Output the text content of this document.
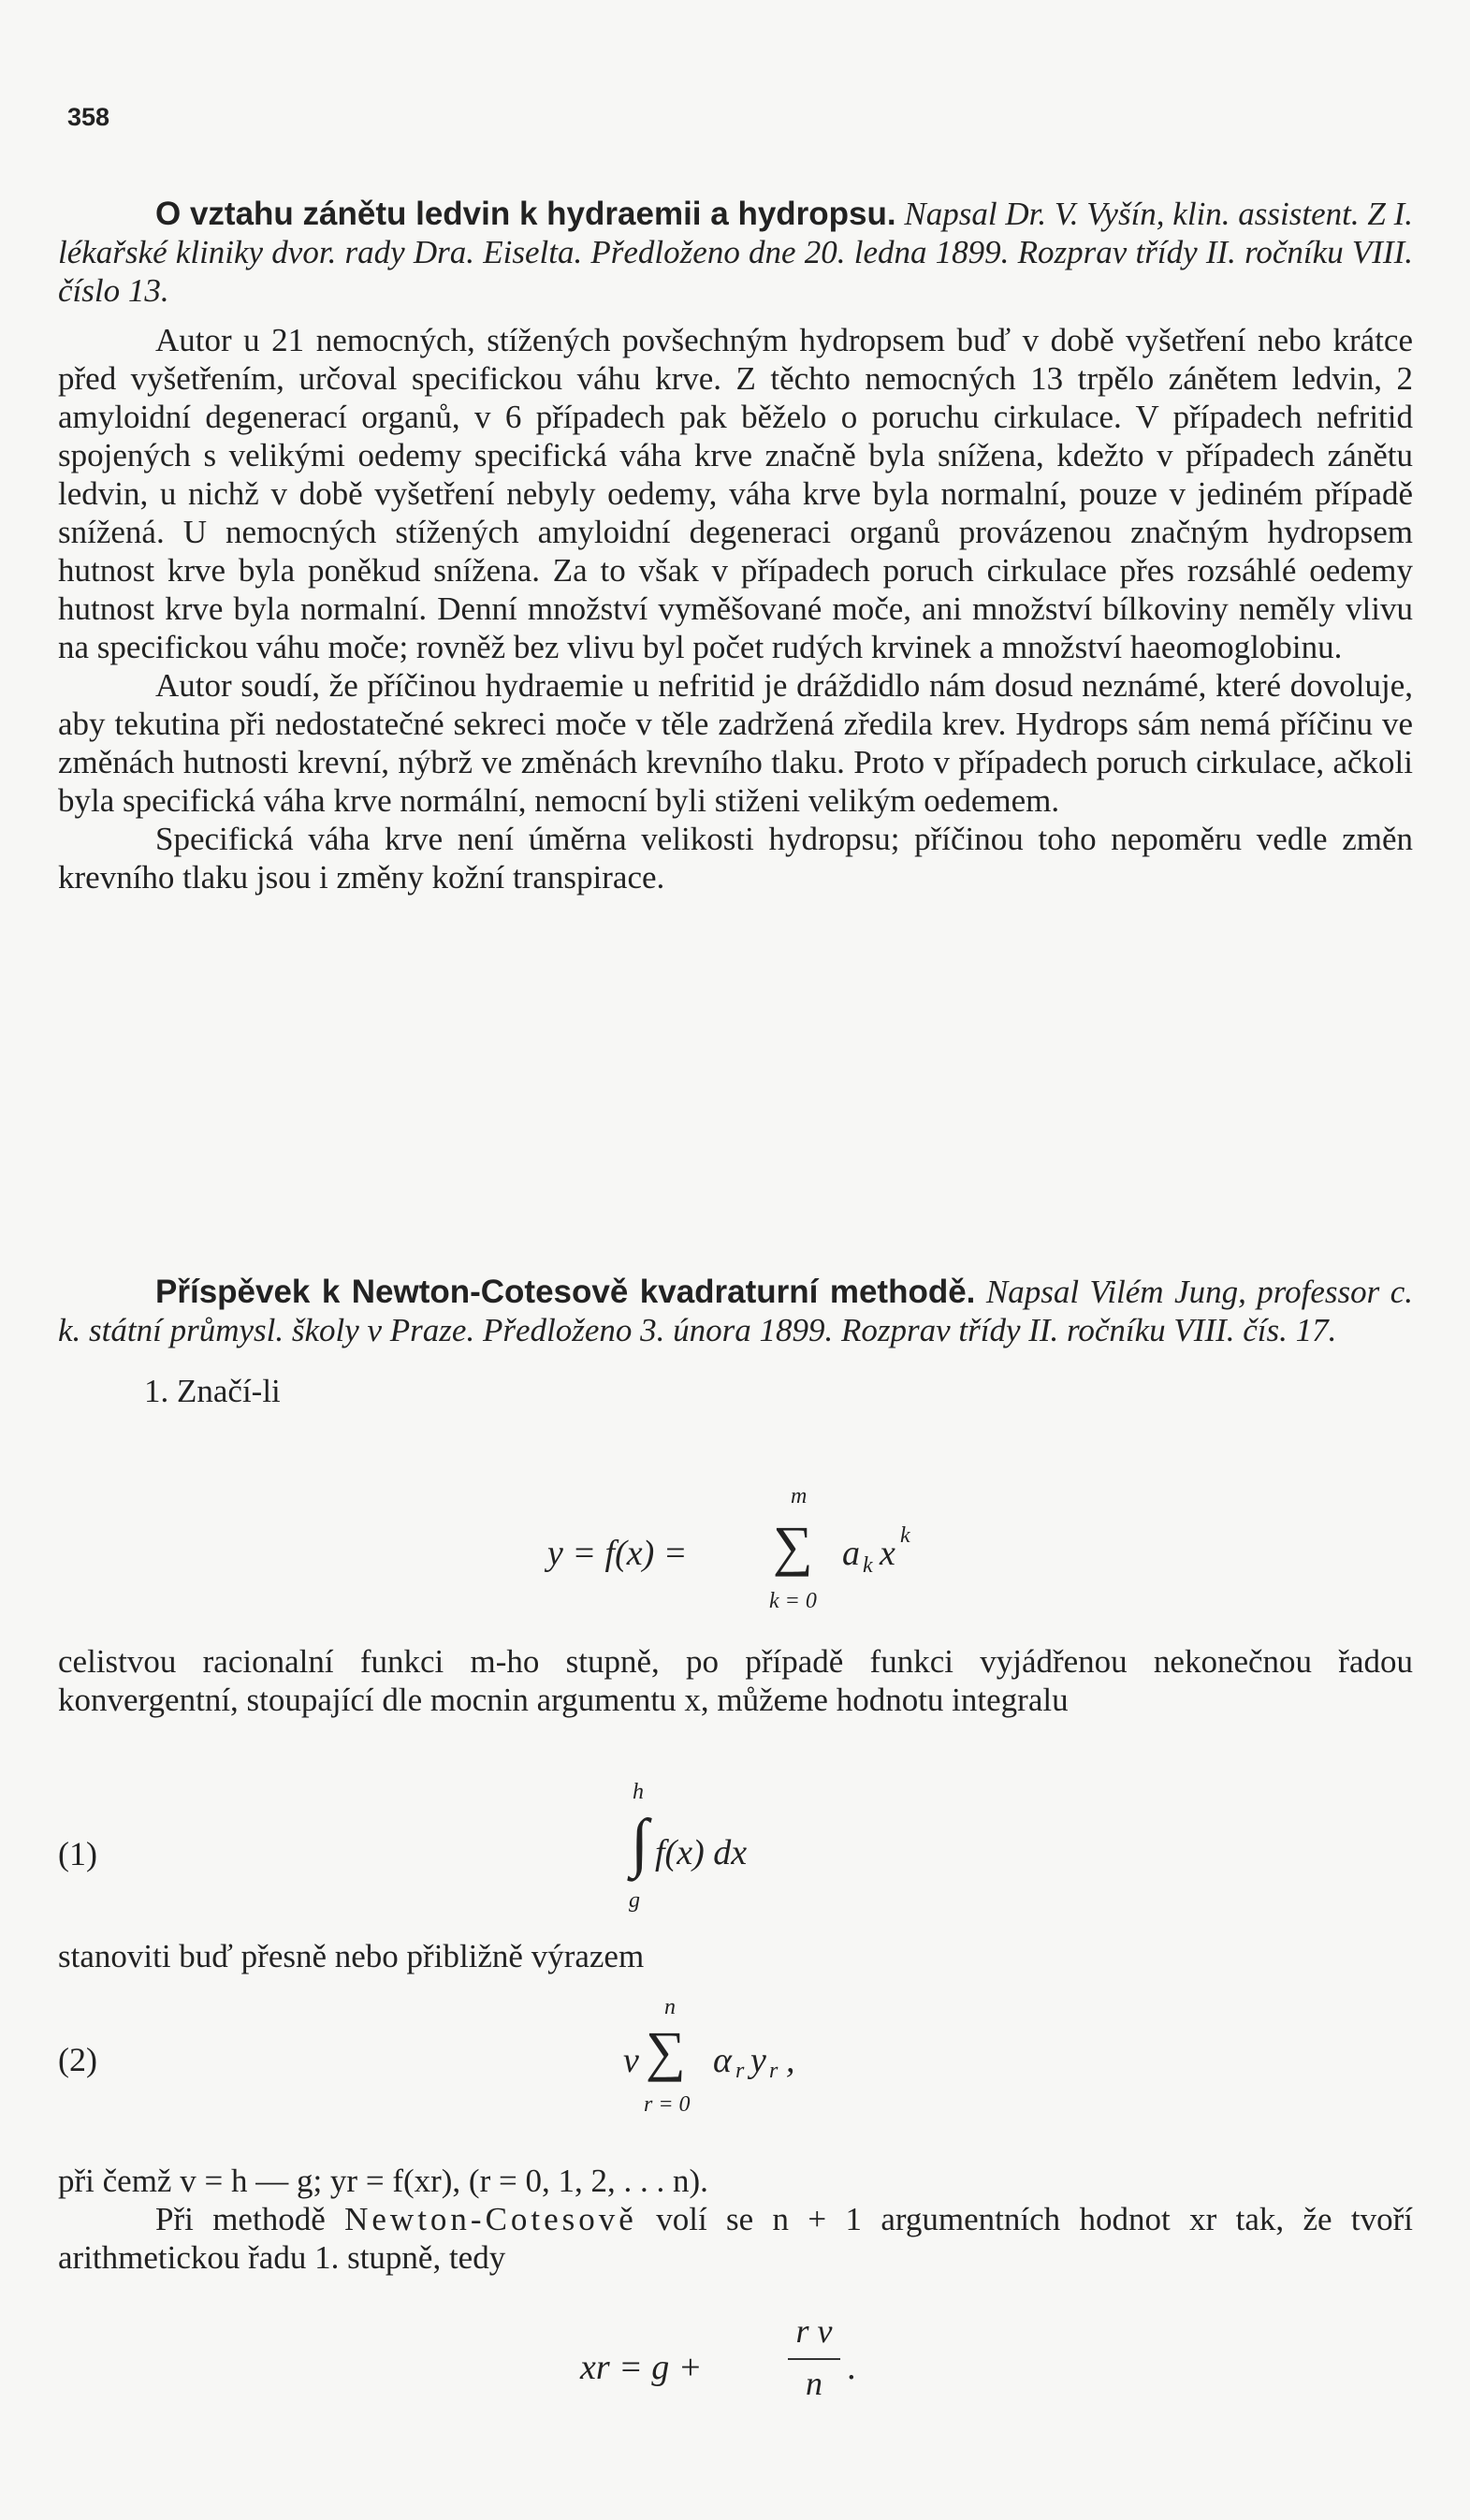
358

O vztahu zánětu ledvin k hydraemii a hydropsu. Napsal Dr. V. Vyšín, klin. assistent. Z I. lékařské kliniky dvor. rady Dra. Eiselta. Předloženo dne 20. ledna 1899. Rozprav třídy II. ročníku VIII. číslo 13.

Autor u 21 nemocných, stížených povšechným hydropsem buď v době vyšetření nebo krátce před vyšetřením, určoval specifickou váhu krve. Z těchto nemocných 13 trpělo zánětem ledvin, 2 amyloidní degenerací organů, v 6 případech pak běželo o poruchu cirkulace. V případech nefritid spojených s velikými oedemy specifická váha krve značně byla snížena, kdežto v případech zánětu ledvin, u nichž v době vyšetření nebyly oedemy, váha krve byla normalní, pouze v jediném případě snížená. U nemocných stížených amyloidní degeneraci organů provázenou značným hydropsem hutnost krve byla poněkud snížena. Za to však v případech poruch cirkulace přes rozsáhlé oedemy hutnost krve byla normalní. Denní množství vyměšované moče, ani množství bílkoviny neměly vlivu na specifickou váhu moče; rovněž bez vlivu byl počet rudých krvinek a množství haeomoglobinu.

Autor soudí, že příčinou hydraemie u nefritid je dráždidlo nám dosud neznámé, které dovoluje, aby tekutina při nedostatečné sekreci moče v těle zadržená zředila krev. Hydrops sám nemá příčinu ve změnách hutnosti krevní, nýbrž ve změnách krevního tlaku. Proto v případech poruch cirkulace, ačkoli byla specifická váha krve normální, nemocní byli stiženi velikým oedemem.

Specifická váha krve není úměrna velikosti hydropsu; příčinou toho nepoměru vedle změn krevního tlaku jsou i změny kožní transpirace.

Příspěvek k Newton-Cotesově kvadraturní methodě. Napsal Vilém Jung, professor c. k. státní průmysl. školy v Praze. Předloženo 3. února 1899. Rozprav třídy II. ročníku VIII. čís. 17.

1. Značí-li

y = f(x) = ∑
m
k = 0
a k x k

celistvou racionalní funkci m-ho stupně, po případě funkci vyjádřenou nekonečnou řadou konvergentní, stoupající dle mocnin argumentu x, můžeme hodnotu integralu

(1)	∫
h
g
f(x) dx

stanoviti buď přesně nebo přibližně výrazem

(2)	v ∑
n
r = 0
α r y r ,

při čemž v = h — g; yr = f(xr), (r = 0, 1, 2, . . . n).

Při methodě Newton-Cotesově volí se n + 1 argumentních hodnot xr tak, že tvoří arithmetickou řadu 1. stupně, tedy

xr = g +
r v
n .
